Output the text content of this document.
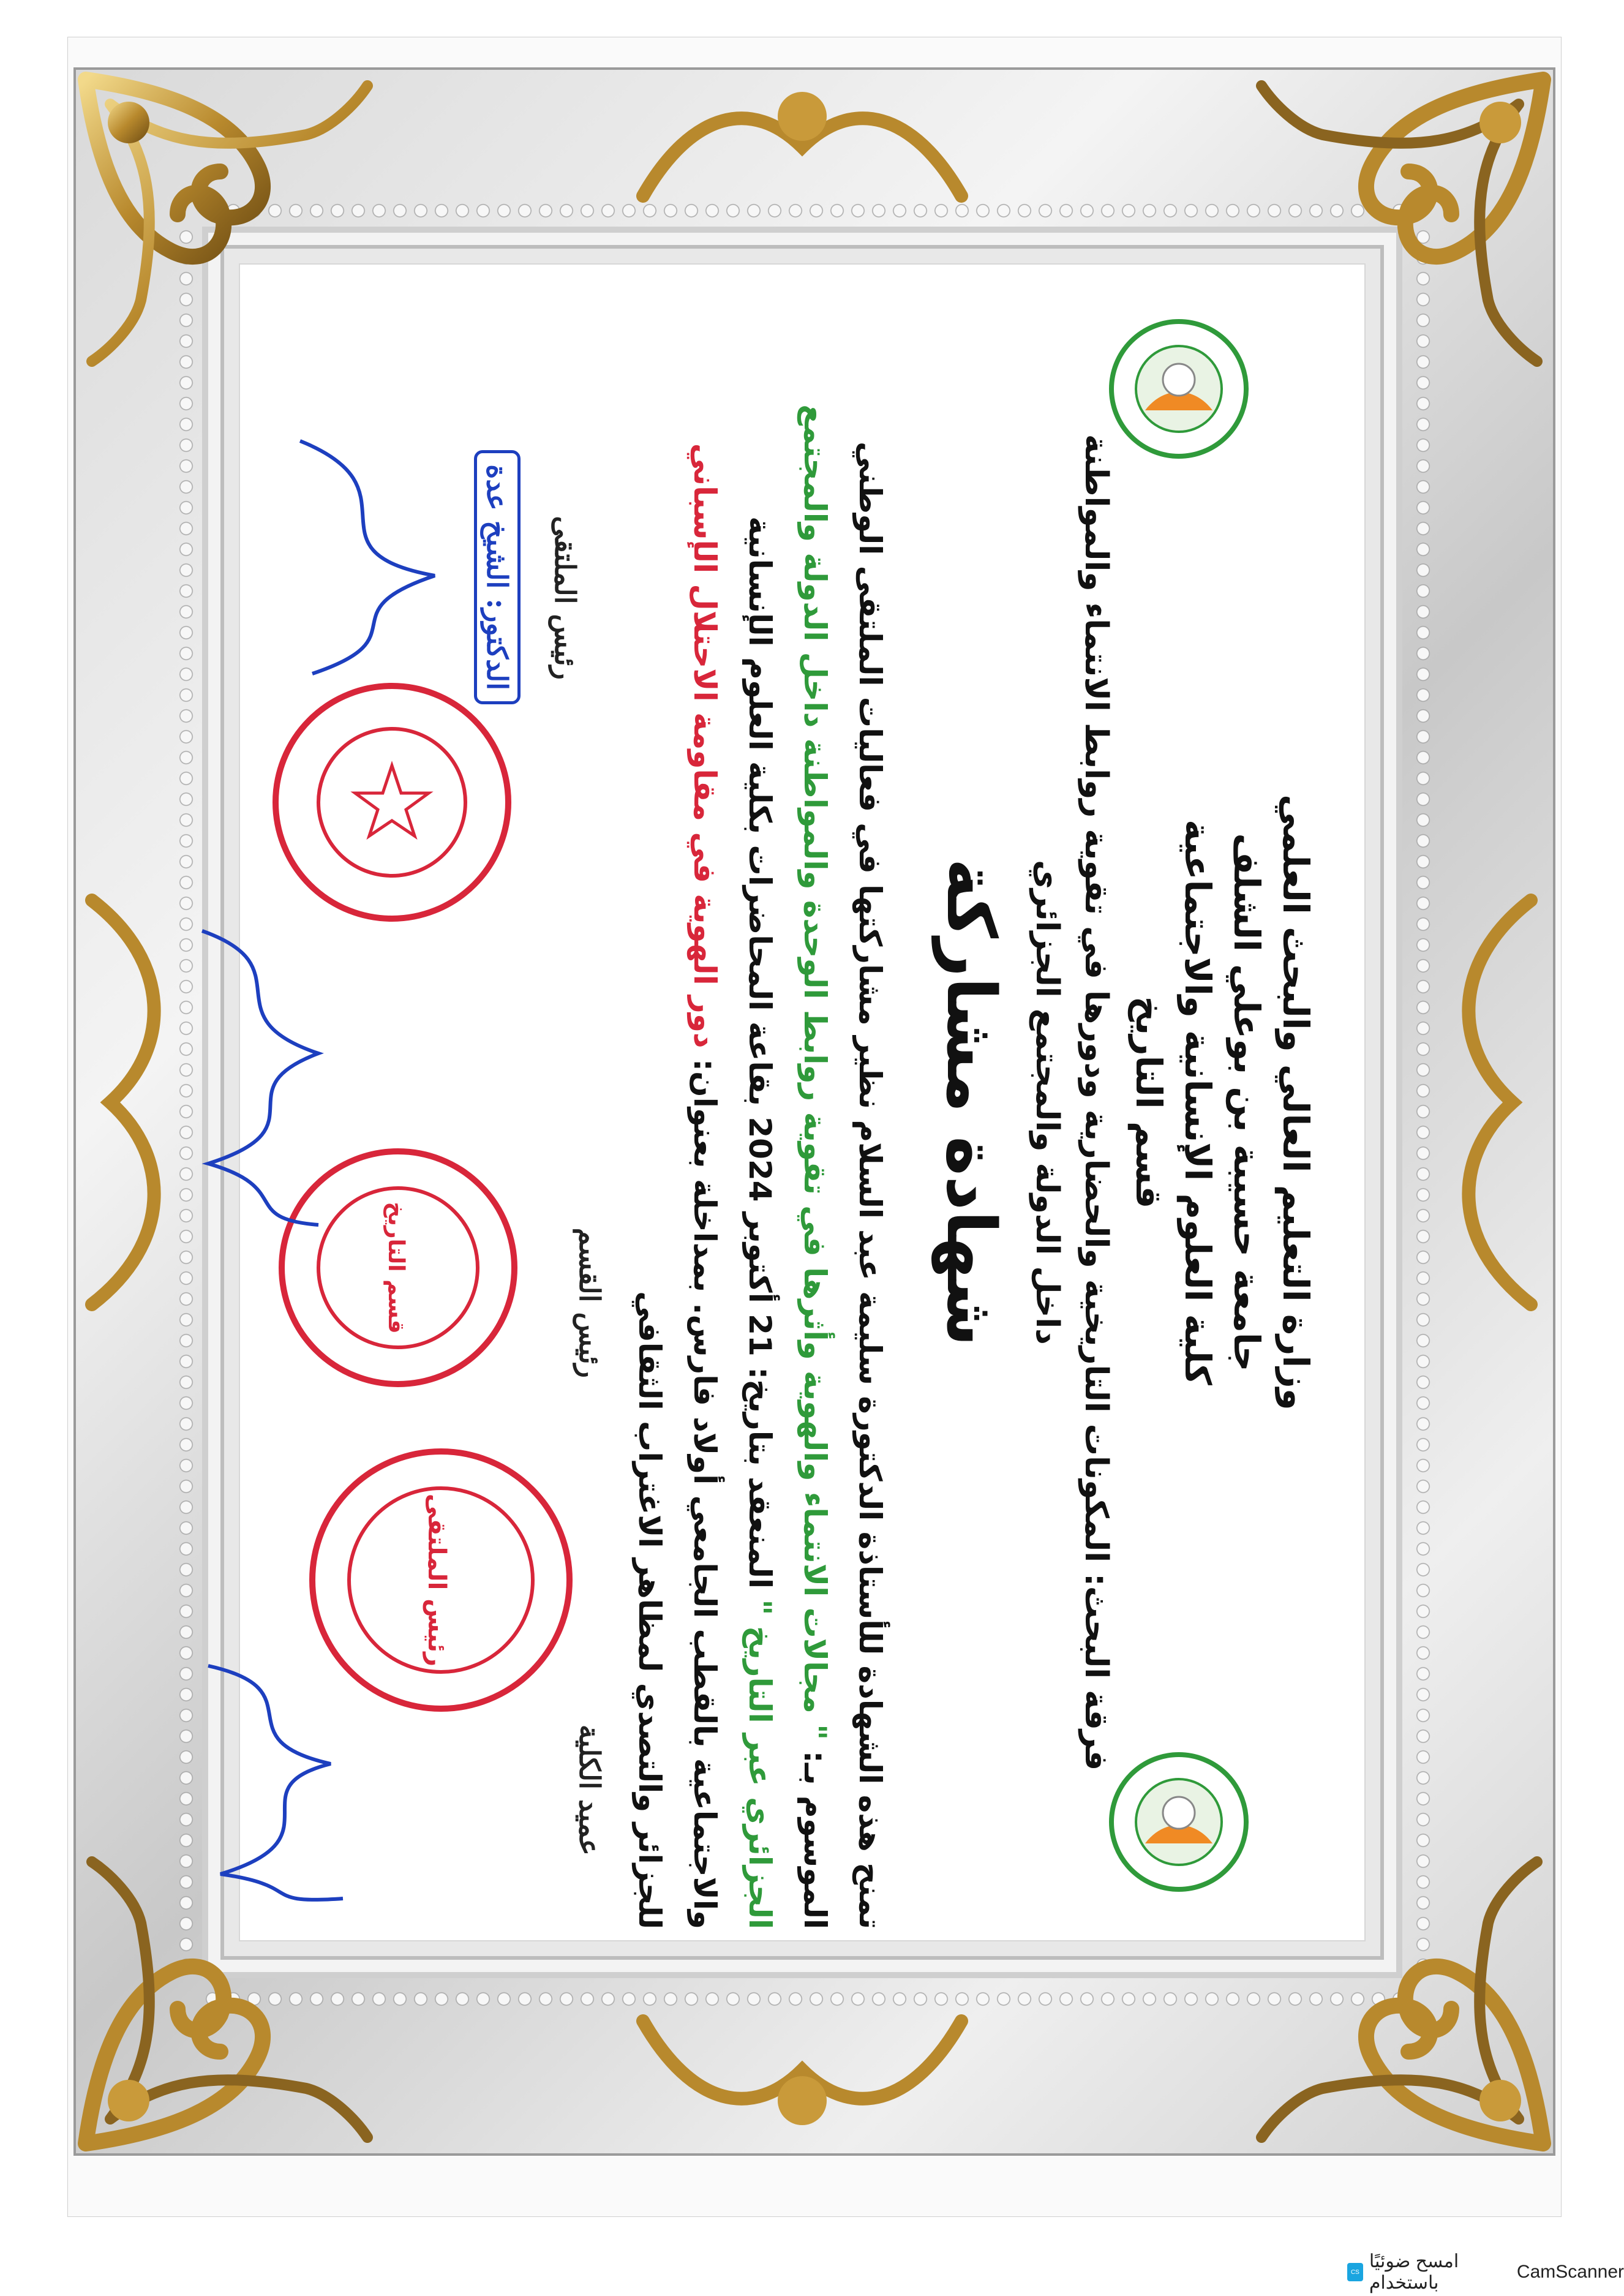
وزارة التعليم العالي والبحث العلمي
جامعة حسيبة بن بوعلي الشلف
كلية العلوم الإنسانية والاجتماعية
قسم التاريخ
فرقة البحث: المكونات التاريخية والحضارية ودورها في تقوية روابط الانتماء والمواطنة
داخل الدولة والمجتمع الجزائري
شهادة مشاركة
تمنح هذه الشهادة للأستاذة الدكتورة سليمة عبد السلام نظير مشاركتها في فعاليات الملتقى الوطني
الموسوم بـ: " مجالات الانتماء والهوية وأثرها في تقوية روابط الوحدة والمواطنة داخل الدولة والمجتمع
الجزائري عبر التاريخ " المنعقد بتاريخ: 21 أكتوبر 2024 بقاعة المحاضرات بكلية العلوم الإنسانية
والاجتماعية بالقطب الجامعي أولاد فارس. بمداخلة بعنوان: دور الهوية في مقاومة الاحتلال الإسباني
للجزائر والتصدي لمظاهر الاغتراب الثقافي
رئيس الملتقى
رئيس القسم
عميد الكلية
الدكتور: الشيخ عدة
رئيس الملتقى
قسم التاريخ
CS
امسح ضوئيًا باستخدام
CamScanner
